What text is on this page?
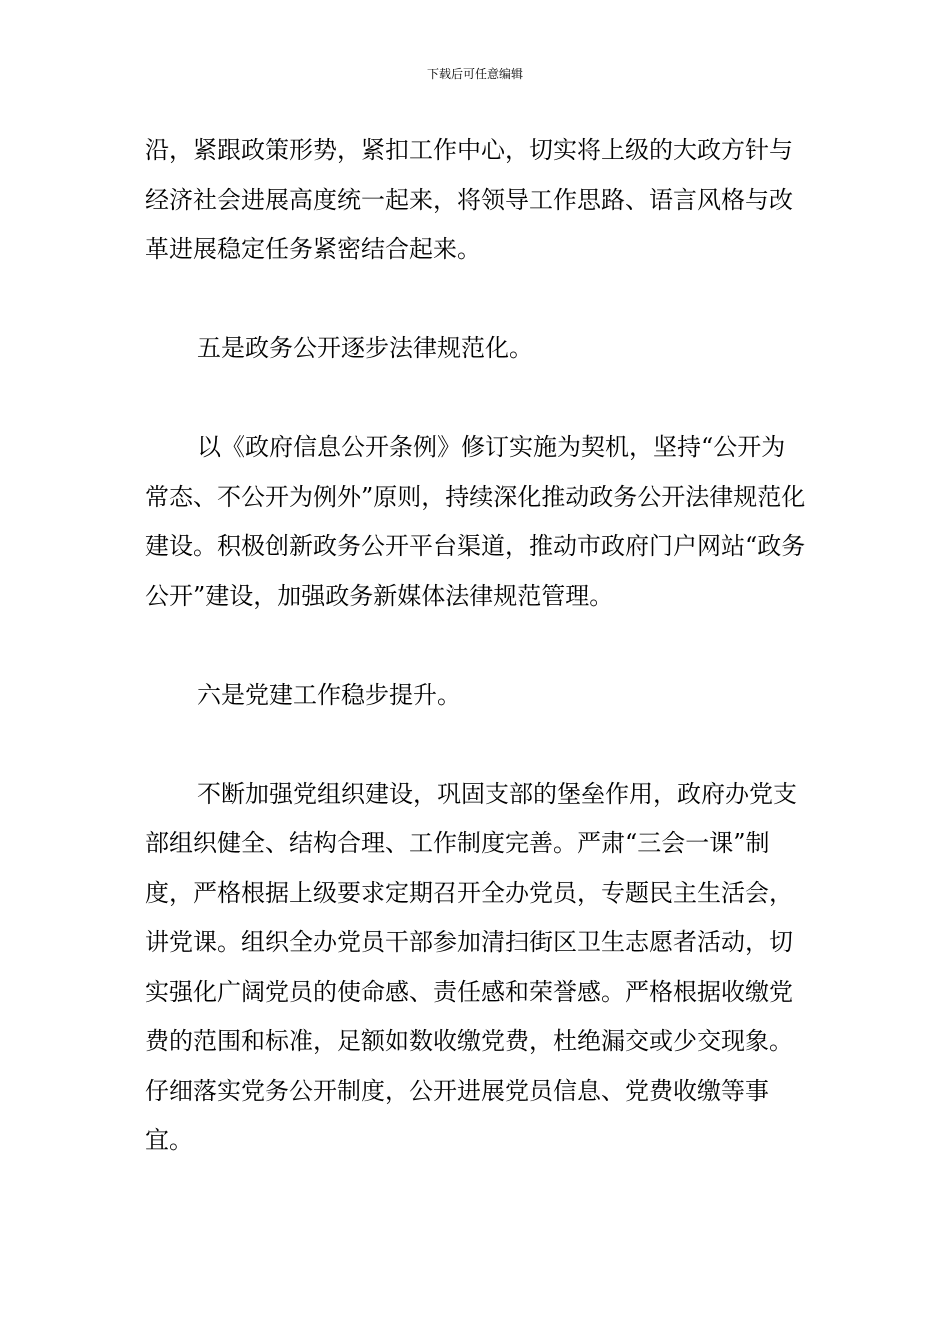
下载后可任意编辑

沿，紧跟政策形势，紧扣工作中心，切实将上级的大政方针与经济社会进展高度统一起来，将领导工作思路、语言风格与改革进展稳定任务紧密结合起来。

五是政务公开逐步法律规范化。

以《政府信息公开条例》修订实施为契机，坚持“公开为常态、不公开为例外”原则，持续深化推动政务公开法律规范化建设。积极创新政务公开平台渠道，推动市政府门户网站“政务公开”建设，加强政务新媒体法律规范管理。

六是党建工作稳步提升。

不断加强党组织建设，巩固支部的堡垒作用，政府办党支部组织健全、结构合理、工作制度完善。严肃“三会一课”制度，严格根据上级要求定期召开全办党员，专题民主生活会，讲党课。组织全办党员干部参加清扫街区卫生志愿者活动，切实强化广阔党员的使命感、责任感和荣誉感。严格根据收缴党费的范围和标准，足额如数收缴党费，杜绝漏交或少交现象。仔细落实党务公开制度，公开进展党员信息、党费收缴等事宜。
